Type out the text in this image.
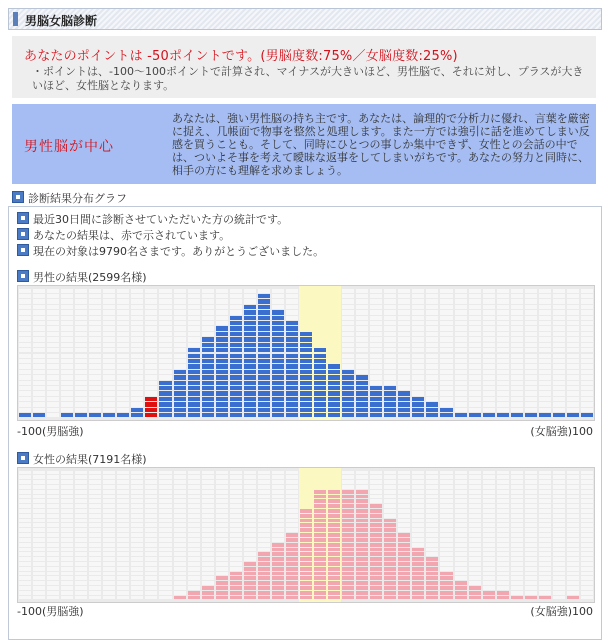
男脳女脳診断
あなたのポイントは -50ポイントです。(男脳度数:75%／女脳度数:25%)
・ポイントは、-100〜100ポイントで計算され、マイナスが大きいほど、男性脳で、それに対し、プラスが大きいほど、女性脳となります。
男性脳が中心
あなたは、強い男性脳の持ち主です。あなたは、論理的で分析力に優れ、言葉を厳密に捉え、几帳面で物事を整然と処理します。また一方では強引に話を進めてしまい反感を買うことも。そして、同時にひとつの事しか集中できず、女性との会話の中では、ついよそ事を考えて曖昧な返事をしてしまいがちです。あなたの努力と同時に、相手の方にも理解を求めましょう。
診断結果分布グラフ
最近30日間に診断させていただいた方の統計です。
あなたの結果は、赤で示されています。
現在の対象は9790名さまです。ありがとうございました。
男性の結果(2599名様)
-100(男脳強)	(女脳強)100
女性の結果(7191名様)
-100(男脳強)	(女脳強)100
